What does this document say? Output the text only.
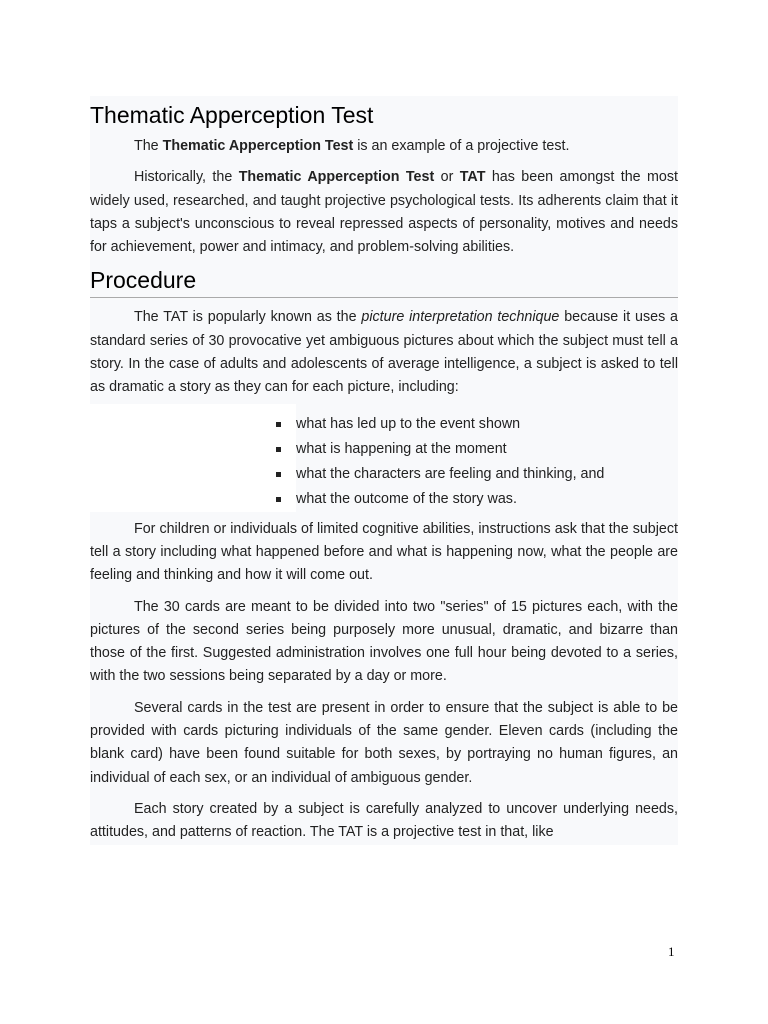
Thematic Apperception Test

The Thematic Apperception Test is an example of a projective test.

Historically, the Thematic Apperception Test or TAT has been amongst the most widely used, researched, and taught projective psychological tests. Its adherents claim that it taps a subject's unconscious to reveal repressed aspects of personality, motives and needs for achievement, power and intimacy, and problem-solving abilities.

Procedure

The TAT is popularly known as the picture interpretation technique because it uses a standard series of 30 provocative yet ambiguous pictures about which the subject must tell a story. In the case of adults and adolescents of average intelligence, a subject is asked to tell as dramatic a story as they can for each picture, including:

what has led up to the event shown
what is happening at the moment
what the characters are feeling and thinking, and
what the outcome of the story was.

For children or individuals of limited cognitive abilities, instructions ask that the subject tell a story including what happened before and what is happening now, what the people are feeling and thinking and how it will come out.

The 30 cards are meant to be divided into two "series" of 15 pictures each, with the pictures of the second series being purposely more unusual, dramatic, and bizarre than those of the first. Suggested administration involves one full hour being devoted to a series, with the two sessions being separated by a day or more.

Several cards in the test are present in order to ensure that the subject is able to be provided with cards picturing individuals of the same gender. Eleven cards (including the blank card) have been found suitable for both sexes, by portraying no human figures, an individual of each sex, or an individual of ambiguous gender.

Each story created by a subject is carefully analyzed to uncover underlying needs, attitudes, and patterns of reaction. The TAT is a projective test in that, like

1
